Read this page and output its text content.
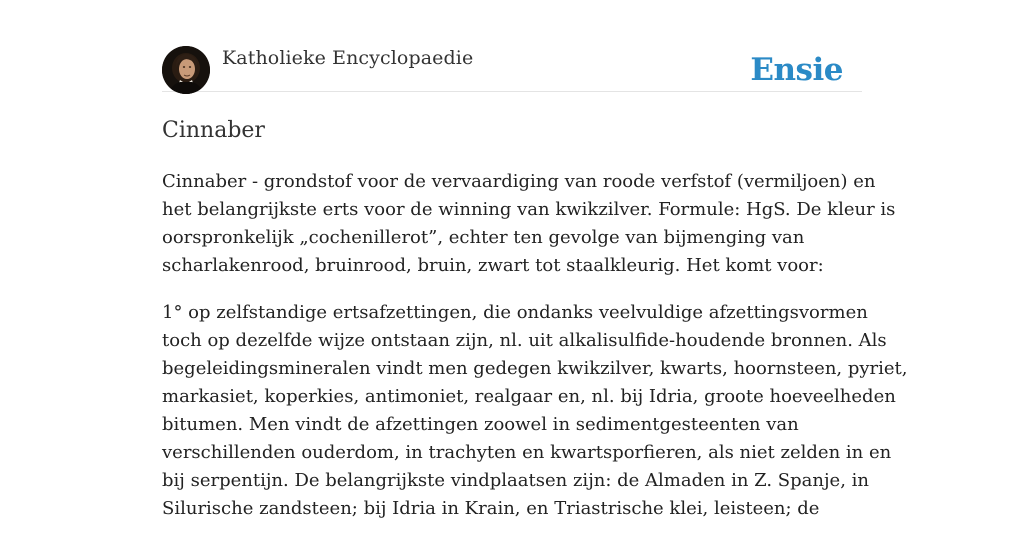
Katholieke Encyclopaedie	Ensie
Cinnaber

Cinnaber - grondstof voor de vervaardiging van roode verfstof (vermiljoen) en
het belangrijkste erts voor de winning van kwikzilver. Formule: HgS. De kleur is
oorspronkelijk „cochenillerot”, echter ten gevolge van bijmenging van
scharlakenrood, bruinrood, bruin, zwart tot staalkleurig. Het komt voor:

1° op zelfstandige ertsafzettingen, die ondanks veelvuldige afzettingsvormen
toch op dezelfde wijze ontstaan zijn, nl. uit alkalisulfide-houdende bronnen. Als
begeleidingsmineralen vindt men gedegen kwikzilver, kwarts, hoornsteen, pyriet,
markasiet, koperkies, antimoniet, realgaar en, nl. bij Idria, groote hoeveelheden
bitumen. Men vindt de afzettingen zoowel in sedimentgesteenten van
verschillenden ouderdom, in trachyten en kwartsporfieren, als niet zelden in en
bij serpentijn. De belangrijkste vindplaatsen zijn: de Almaden in Z. Spanje, in
Silurische zandsteen; bij Idria in Krain, en Triastrische klei, leisteen; de
